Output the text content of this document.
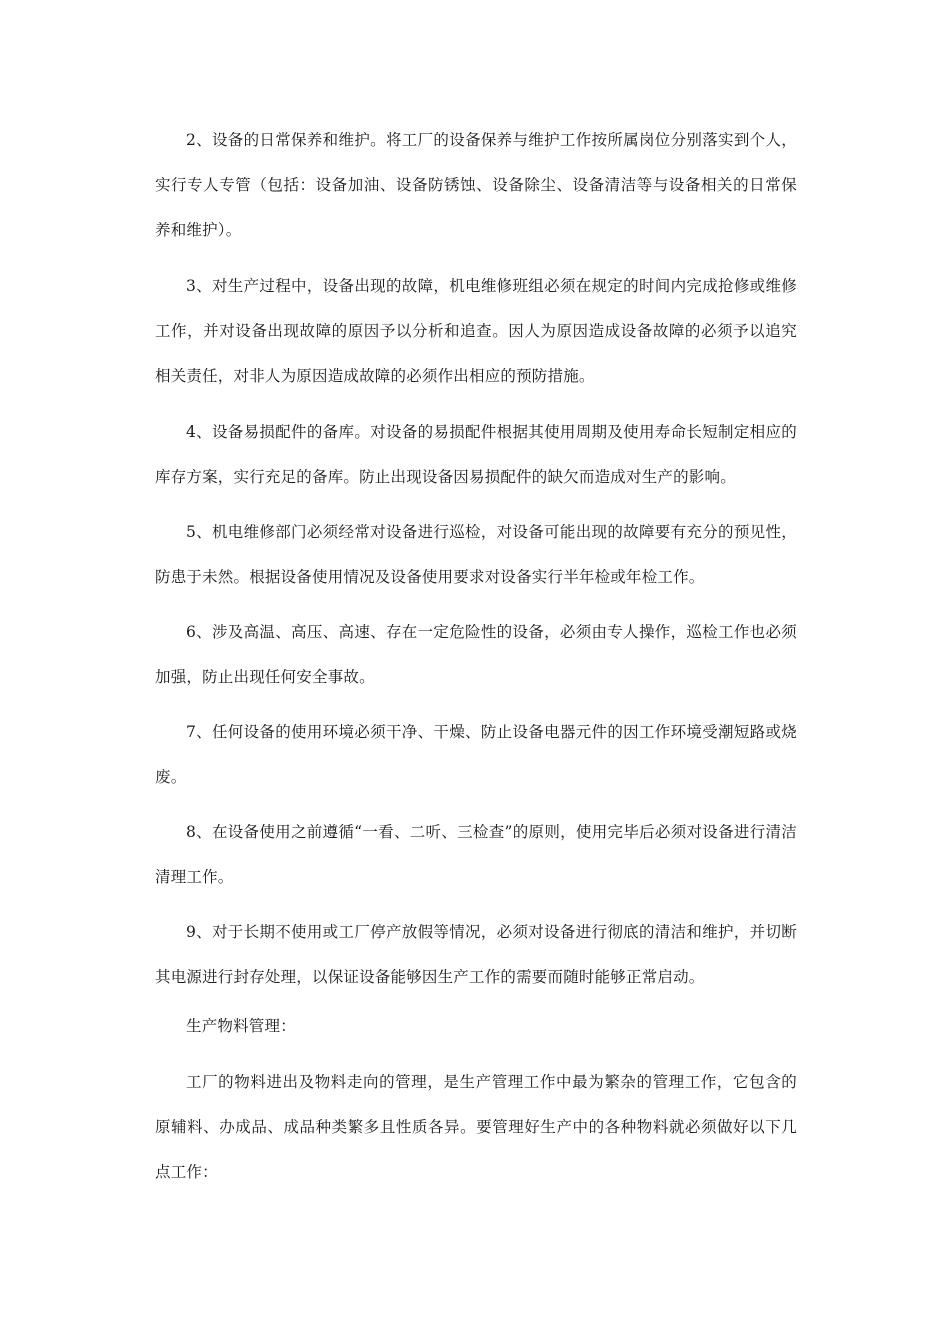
2、设备的日常保养和维护。将工厂的设备保养与维护工作按所属岗位分别落实到个人，实行专人专管（包括：设备加油、设备防锈蚀、设备除尘、设备清洁等与设备相关的日常保养和维护）。

3、对生产过程中，设备出现的故障，机电维修班组必须在规定的时间内完成抢修或维修工作，并对设备出现故障的原因予以分析和追查。因人为原因造成设备故障的必须予以追究相关责任，对非人为原因造成故障的必须作出相应的预防措施。

4、设备易损配件的备库。对设备的易损配件根据其使用周期及使用寿命长短制定相应的库存方案，实行充足的备库。防止出现设备因易损配件的缺欠而造成对生产的影响。

5、机电维修部门必须经常对设备进行巡检，对设备可能出现的故障要有充分的预见性，防患于未然。根据设备使用情况及设备使用要求对设备实行半年检或年检工作。

6、涉及高温、高压、高速、存在一定危险性的设备，必须由专人操作，巡检工作也必须加强，防止出现任何安全事故。

7、任何设备的使用环境必须干净、干燥、防止设备电器元件的因工作环境受潮短路或烧废。

8、在设备使用之前遵循“一看、二听、三检查”的原则，使用完毕后必须对设备进行清洁清理工作。

9、对于长期不使用或工厂停产放假等情况，必须对设备进行彻底的清洁和维护，并切断其电源进行封存处理，以保证设备能够因生产工作的需要而随时能够正常启动。

生产物料管理：

工厂的物料进出及物料走向的管理，是生产管理工作中最为繁杂的管理工作，它包含的原辅料、办成品、成品种类繁多且性质各异。要管理好生产中的各种物料就必须做好以下几点工作：
